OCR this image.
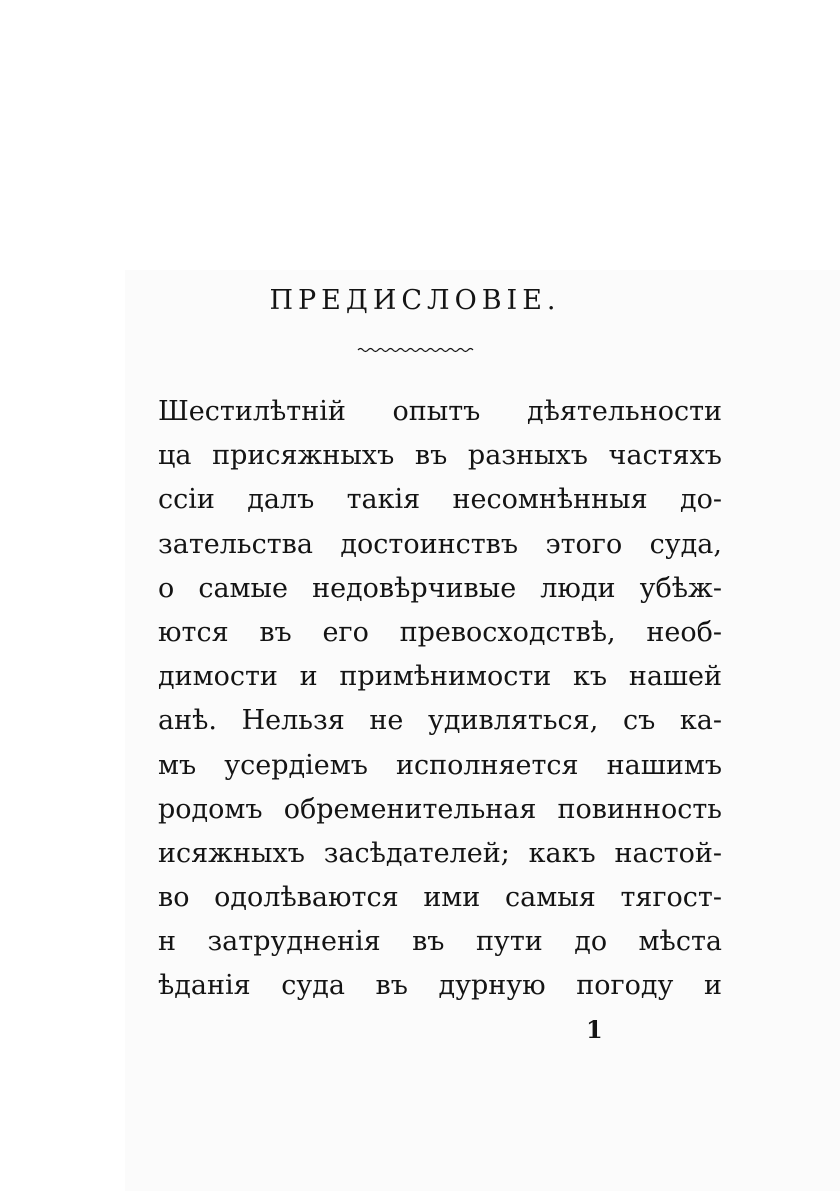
ПРЕДИСЛОВІЕ.
Шестилѣтній опытъ дѣятельности
ца присяжныхъ въ разныхъ частяхъ
ссіи далъ такія несомнѣнныя до-
зательства достоинствъ этого суда,
о самые недовѣрчивые люди убѣж-
ются въ его превосходствѣ, необ-
димости и примѣнимости къ нашей
анѣ. Нельзя не удивляться, съ ка-
мъ усердіемъ исполняется нашимъ
родомъ обременительная повинность
исяжныхъ засѣдателей; какъ настой-
во одолѣваются ими самыя тягост-
н затрудненія въ пути до мѣста
ѣданія суда въ дурную погоду и
1
